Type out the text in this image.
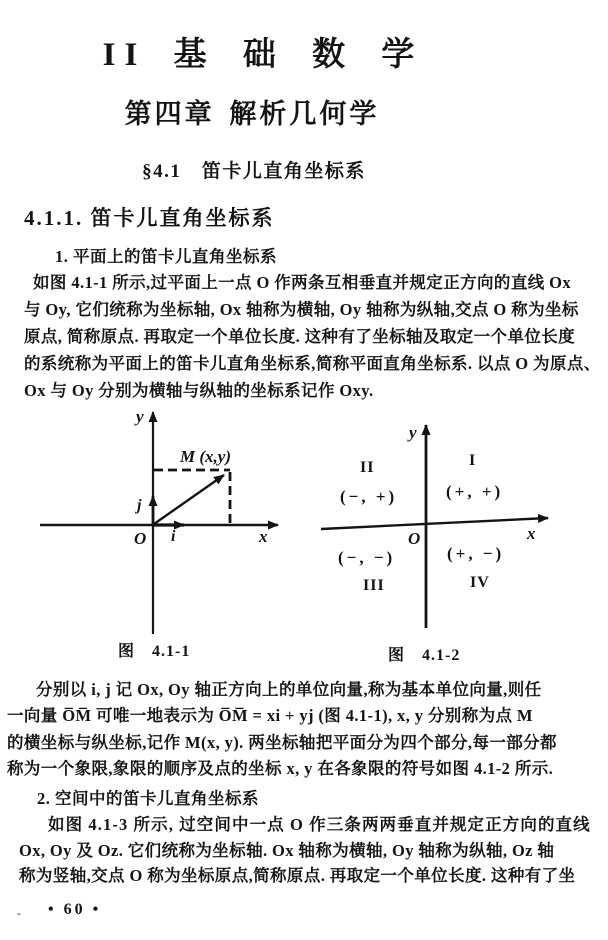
II 基 础 数 学
第四章 解析几何学
§4.1　笛卡儿直角坐标系
4.1.1. 笛卡儿直角坐标系
1. 平面上的笛卡儿直角坐标系
如图 4.1-1 所示,过平面上一点 O 作两条互相垂直并规定正方向的直线 Ox
与 Oy, 它们统称为坐标轴, Ox 轴称为横轴, Oy 轴称为纵轴,交点 O 称为坐标
原点, 简称原点. 再取定一个单位长度. 这种有了坐标轴及取定一个单位长度
的系统称为平面上的笛卡儿直角坐标系,简称平面直角坐标系. 以点 O 为原点、
Ox 与 Oy 分别为横轴与纵轴的坐标系记作 Oxy.
y
M (x,y)
j
O i	x
图　4.1-1
y
II	I
(−, +)	(+, +)
O	x
(−, −)	(+, −)
III	IV
图　4.1-2
分别以 i, j 记 Ox, Oy 轴正方向上的单位向量,称为基本单位向量,则任
一向量 O̅M̅ 可唯一地表示为 O̅M̅ = xi + yj (图 4.1-1), x, y 分别称为点 M
的横坐标与纵坐标,记作 M(x, y). 两坐标轴把平面分为四个部分,每一部分都
称为一个象限,象限的顺序及点的坐标 x, y 在各象限的符号如图 4.1-2 所示.
2. 空间中的笛卡儿直角坐标系
如图 4.1-3 所示, 过空间中一点 O 作三条两两垂直并规定正方向的直线
Ox, Oy 及 Oz. 它们统称为坐标轴. Ox 轴称为横轴, Oy 轴称为纵轴, Oz 轴
称为竖轴,交点 O 称为坐标原点,简称原点. 再取定一个单位长度. 这种有了坐
- • 60 •
